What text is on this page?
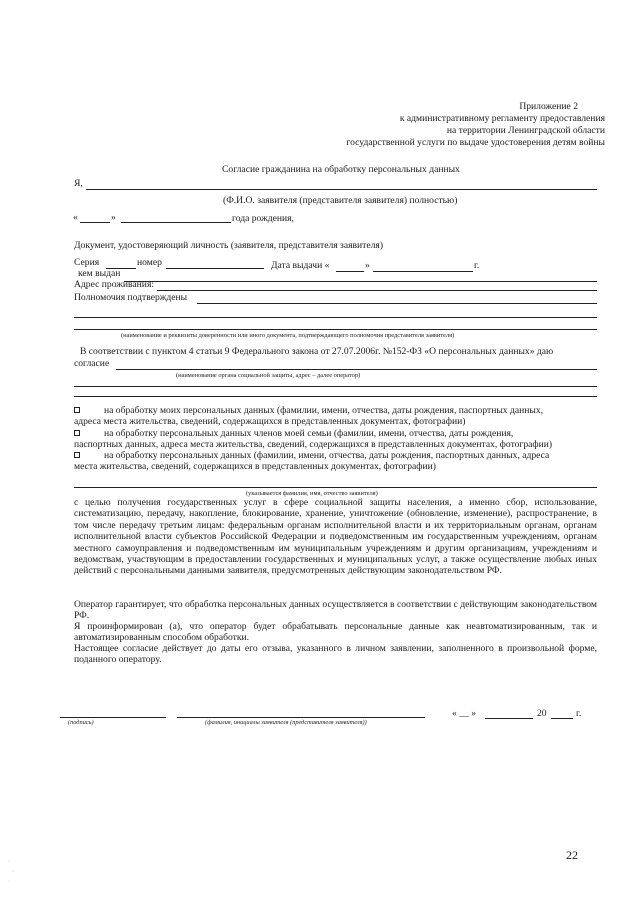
Приложение 2
к административному регламенту предоставления
на территории Ленинградской области
государственной услуги по выдаче удостоверения детям войны
Согласие гражданина на обработку персональных данных
Я,
(Ф.И.О. заявителя (представителя заявителя) полностью)
«	»	года рождения,
Документ, удостоверяющий личность (заявителя, представителя заявителя)
Серия	номер	Дата выдачи «	»	г.
кем выдан
Адрес проживания:
Полномочия подтверждены
(наименование и реквизиты доверенности или иного документа, подтверждающего полномочия представителя заявителя)
В соответствии с пунктом 4 статьи 9 Федерального закона от 27.07.2006г. №152-ФЗ «О персональных данных» даю
согласие
(наименование органа социальной защиты, адрес – далее оператор)
на обработку моих персональных данных (фамилии, имени, отчества, даты рождения, паспортных данных,
адреса места жительства, сведений, содержащихся в представленных документах, фотографии)
на обработку персональных данных членов моей семьи (фамилии, имени, отчества, даты рождения,
паспортных данных, адреса места жительства, сведений, содержащихся в представленных документах, фотографии)
на обработку персональных данных (фамилии, имени, отчества, даты рождения, паспортных данных, адреса
места жительства, сведений, содержащихся в представленных документах, фотографии)
(указывается фамилия, имя, отчество заявителя)
с целью получения государственных услуг в сфере социальной защиты населения, а именно сбор, использование, систематизацию, передачу, накопление, блокирование, хранение, уничтожение (обновление, изменение), распространение, в том числе передачу третьим лицам: федеральным органам исполнительной власти и их территориальным органам, органам исполнительной власти субъектов Российской Федерации и подведомственным им государственным учреждениям, органам местного самоуправления и подведомственным им муниципальным учреждениям и другим организациям, учреждениям и ведомствам, участвующим в предоставлении государственных и муниципальных услуг, а также осуществление любых иных действий с персональными данными заявителя, предусмотренных действующим законодательством РФ.
Оператор гарантирует, что обработка персональных данных осуществляется в соответствии с действующим законодательством РФ.
Я проинформирован (а), что оператор будет обрабатывать персональные данные как неавтоматизированным, так и автоматизированным способом обработки.
Настоящее согласие действует до даты его отзыва, указанного в личном заявлении, заполненного в произвольной форме, поданного оператору.
(подпись)	(фамилия, инициалы заявителя (представителя заявителя))
« __ »	20	г.
22
·
·
·
